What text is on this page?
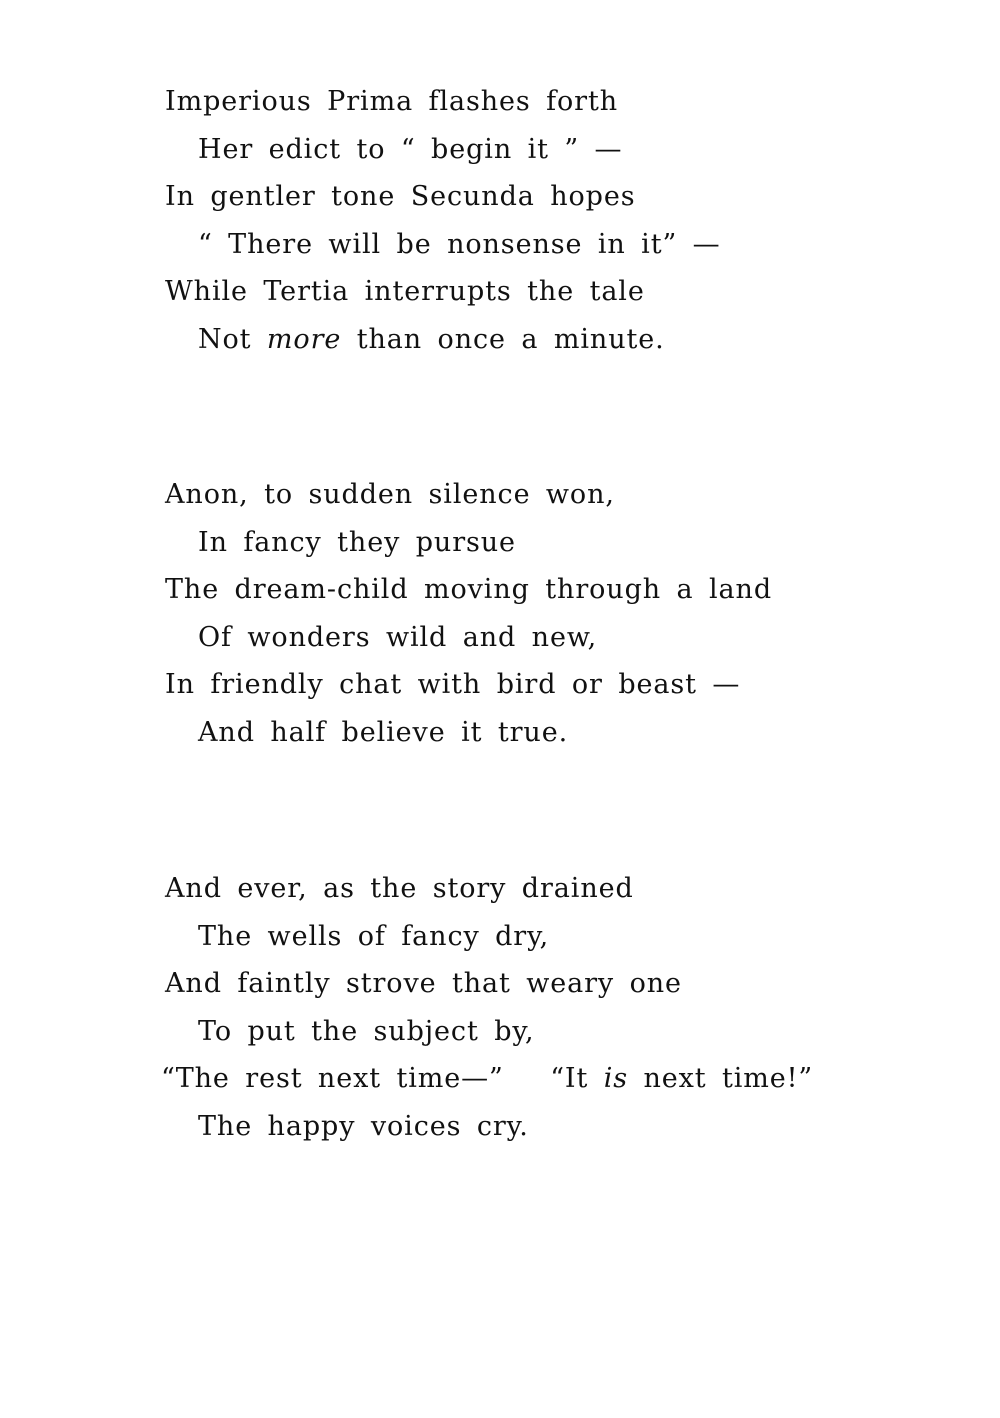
Imperious Prima flashes forth
Her edict to “ begin it ” —
In gentler tone Secunda hopes
“ There will be nonsense in it” —
While Tertia interrupts the tale
Not more than once a minute.
Anon, to sudden silence won,
In fancy they pursue
The dream-child moving through a land
Of wonders wild and new,
In friendly chat with bird or beast —
And half believe it true.
And ever, as the story drained
The wells of fancy dry,
And faintly strove that weary one
To put the subject by,
“The rest next time—” “It is next time!”
The happy voices cry.
